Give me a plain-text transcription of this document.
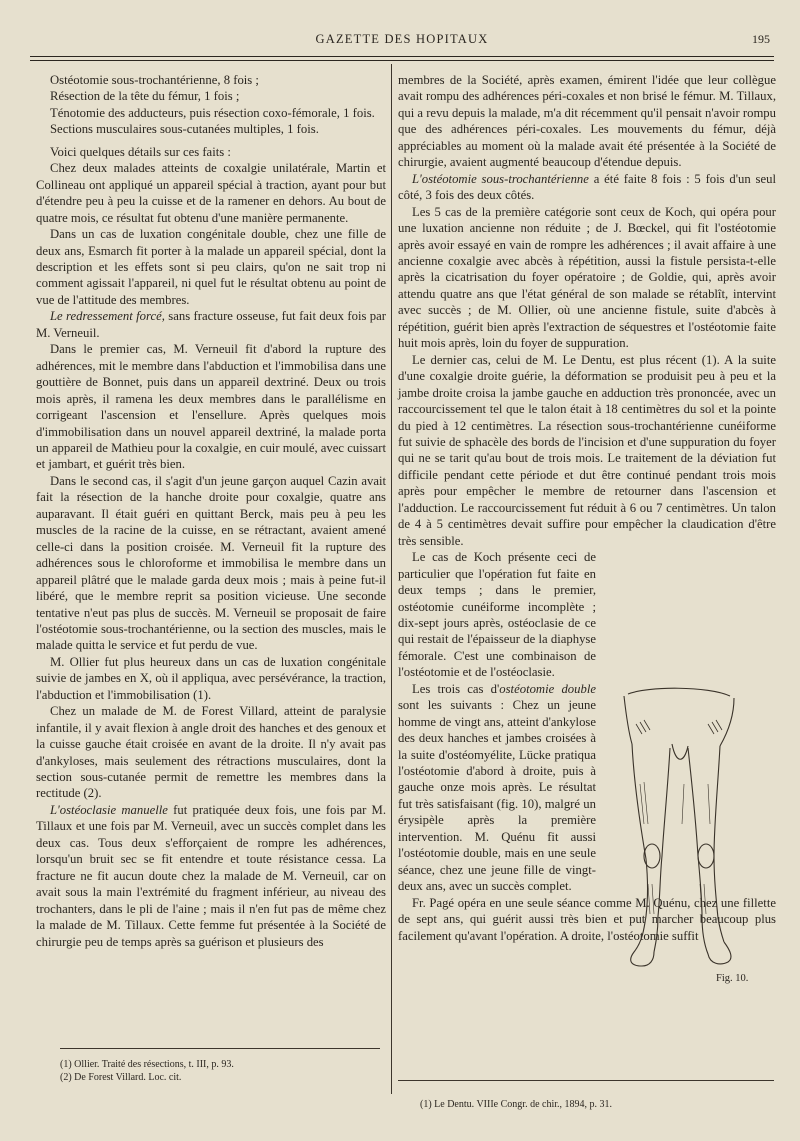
GAZETTE DES HOPITAUX	195

Ostéotomie sous-trochantérienne, 8 fois ;

Résection de la tête du fémur, 1 fois ;

Ténotomie des adducteurs, puis résection coxo-fémorale, 1 fois.

Sections musculaires sous-cutanées multiples, 1 fois.

Voici quelques détails sur ces faits :

Chez deux malades atteints de coxalgie unilatérale, Martin et Collineau ont appliqué un appareil spécial à traction, ayant pour but d'étendre peu à peu la cuisse et de la ramener en dehors. Au bout de quatre mois, ce résultat fut obtenu d'une manière permanente.

Dans un cas de luxation congénitale double, chez une fille de deux ans, Esmarch fit porter à la malade un appareil spécial, dont la description et les effets sont si peu clairs, qu'on ne sait trop ni comment agissait l'appareil, ni quel fut le résultat obtenu au point de vue de l'attitude des membres.

Le redressement forcé, sans fracture osseuse, fut fait deux fois par M. Verneuil.

Dans le premier cas, M. Verneuil fit d'abord la rupture des adhérences, mit le membre dans l'abduction et l'immobilisa dans une gouttière de Bonnet, puis dans un appareil dextriné. Deux ou trois mois après, il ramena les deux membres dans le parallélisme en corrigeant l'ascension et l'ensellure. Après quelques mois d'immobilisation dans un nouvel appareil dextriné, la malade porta un appareil de Mathieu pour la coxalgie, en cuir moulé, avec cuissart et jambart, et guérit très bien.

Dans le second cas, il s'agit d'un jeune garçon auquel Cazin avait fait la résection de la hanche droite pour coxalgie, quatre ans auparavant. Il était guéri en quittant Berck, mais peu à peu les muscles de la racine de la cuisse, en se rétractant, avaient amené celle-ci dans la position croisée. M. Verneuil fit la rupture des adhérences sous le chloroforme et immobilisa le membre dans un appareil plâtré que le malade garda deux mois ; mais à peine fut-il libéré, que le membre reprit sa position vicieuse. Une seconde tentative n'eut pas plus de succès. M. Verneuil se proposait de faire l'ostéotomie sous-trochantérienne, ou la section des muscles, mais le malade quitta le service et fut perdu de vue.

M. Ollier fut plus heureux dans un cas de luxation congénitale suivie de jambes en X, où il appliqua, avec persévérance, la traction, l'abduction et l'immobilisation (1).

Chez un malade de M. de Forest Villard, atteint de paralysie infantile, il y avait flexion à angle droit des hanches et des genoux et la cuisse gauche était croisée en avant de la droite. Il n'y avait pas d'ankyloses, mais seulement des rétractions musculaires, dont la section sous-cutanée permit de remettre les membres dans la rectitude (2).

L'ostéoclasie manuelle fut pratiquée deux fois, une fois par M. Tillaux et une fois par M. Verneuil, avec un succès complet dans les deux cas. Tous deux s'efforçaient de rompre les adhérences, lorsqu'un bruit sec se fit entendre et toute résistance cessa. La fracture ne fit aucun doute chez la malade de M. Verneuil, car on avait sous la main l'extrémité du fragment inférieur, au niveau des trochanters, dans le pli de l'aine ; mais il n'en fut pas de même chez la malade de M. Tillaux. Cette femme fut présentée à la Société de chirurgie peu de temps après sa guérison et plusieurs des

(1) Ollier. Traité des résections, t. III, p. 93.
(2) De Forest Villard. Loc. cit.

membres de la Société, après examen, émirent l'idée que leur collègue avait rompu des adhérences péri-coxales et non brisé le fémur. M. Tillaux, qui a revu depuis la malade, m'a dit récemment qu'il pensait n'avoir rompu que des adhérences péri-coxales. Les mouvements du fémur, déjà appréciables au moment où la malade avait été présentée à la Société de chirurgie, avaient augmenté beaucoup d'étendue depuis.

L'ostéotomie sous-trochantérienne a été faite 8 fois : 5 fois d'un seul côté, 3 fois des deux côtés.

Les 5 cas de la première catégorie sont ceux de Koch, qui opéra pour une luxation ancienne non réduite ; de J. Bœckel, qui fit l'ostéotomie après avoir essayé en vain de rompre les adhérences ; il avait affaire à une ancienne coxalgie avec abcès à répétition, aussi la fistule persista-t-elle après la cicatrisation du foyer opératoire ; de Goldie, qui, après avoir attendu quatre ans que l'état général de son malade se rétablît, intervint avec succès ; de M. Ollier, où une ancienne fistule, suite d'abcès à répétition, guérit bien après l'extraction de séquestres et l'ostéotomie faite huit mois après, loin du foyer de suppuration.

Le dernier cas, celui de M. Le Dentu, est plus récent (1). A la suite d'une coxalgie droite guérie, la déformation se produisit peu à peu et la jambe droite croisa la jambe gauche en adduction très prononcée, avec un raccourcissement tel que le talon était à 18 centimètres du sol et la pointe du pied à 12 centimètres. La résection sous-trochantérienne cunéiforme fut suivie de sphacèle des bords de l'incision et d'une suppuration du foyer qui ne se tarit qu'au bout de trois mois. Le traitement de la déviation fut difficile pendant cette période et dut être continué pendant trois mois après pour empêcher le membre de retourner dans l'ascension et l'adduction. Le raccourcissement fut réduit à 6 ou 7 centimètres. Un talon de 4 à 5 centimètres devait suffire pour empêcher la claudication d'être très sensible.

Le cas de Koch présente ceci de particulier que l'opération fut faite en deux temps ; dans le premier, ostéotomie cunéiforme incomplète ; dix-sept jours après, ostéoclasie de ce qui restait de l'épaisseur de la diaphyse fémorale. C'est une combinaison de l'ostéotomie et de l'ostéoclasie.

Les trois cas d'ostéotomie double sont les suivants : Chez un jeune homme de vingt ans, atteint d'ankylose des deux hanches et jambes croisées à la suite d'ostéomyélite, Lücke pratiqua l'ostéotomie d'abord à droite, puis à gauche onze mois après. Le résultat fut très satisfaisant (fig. 10), malgré un érysipèle après la première intervention. M. Quénu fit aussi l'ostéotomie double, mais en une seule séance, chez une jeune fille de vingt-deux ans, avec un succès complet.

Fr. Pagé opéra en une seule séance comme M. Quénu, chez une fillette de sept ans, qui guérit aussi très bien et put marcher beaucoup plus facilement qu'avant l'opération. A droite, l'ostéotomie suffit

Fig. 10.
(1) Le Dentu. VIIIe Congr. de chir., 1894, p. 31.
